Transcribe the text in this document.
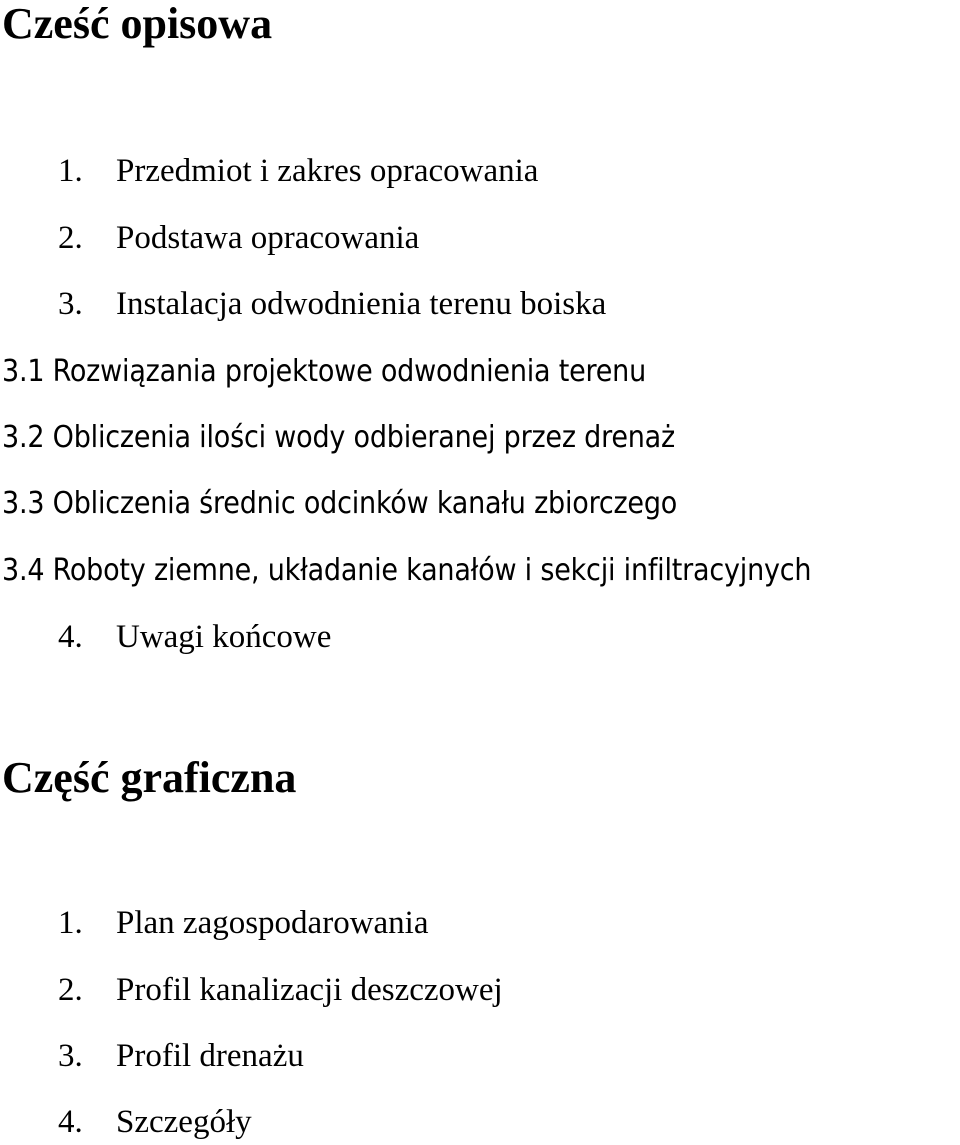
Cześć opisowa
1. Przedmiot i zakres opracowania
2. Podstawa opracowania
3. Instalacja odwodnienia terenu boiska
3.1 Rozwiązania projektowe odwodnienia terenu
3.2 Obliczenia ilości wody odbieranej przez drenaż
3.3 Obliczenia średnic odcinków kanału zbiorczego
3.4 Roboty ziemne, układanie kanałów i sekcji infiltracyjnych
4. Uwagi końcowe
Część graficzna
1. Plan zagospodarowania
2. Profil kanalizacji deszczowej
3. Profil drenażu
4. Szczegóły
